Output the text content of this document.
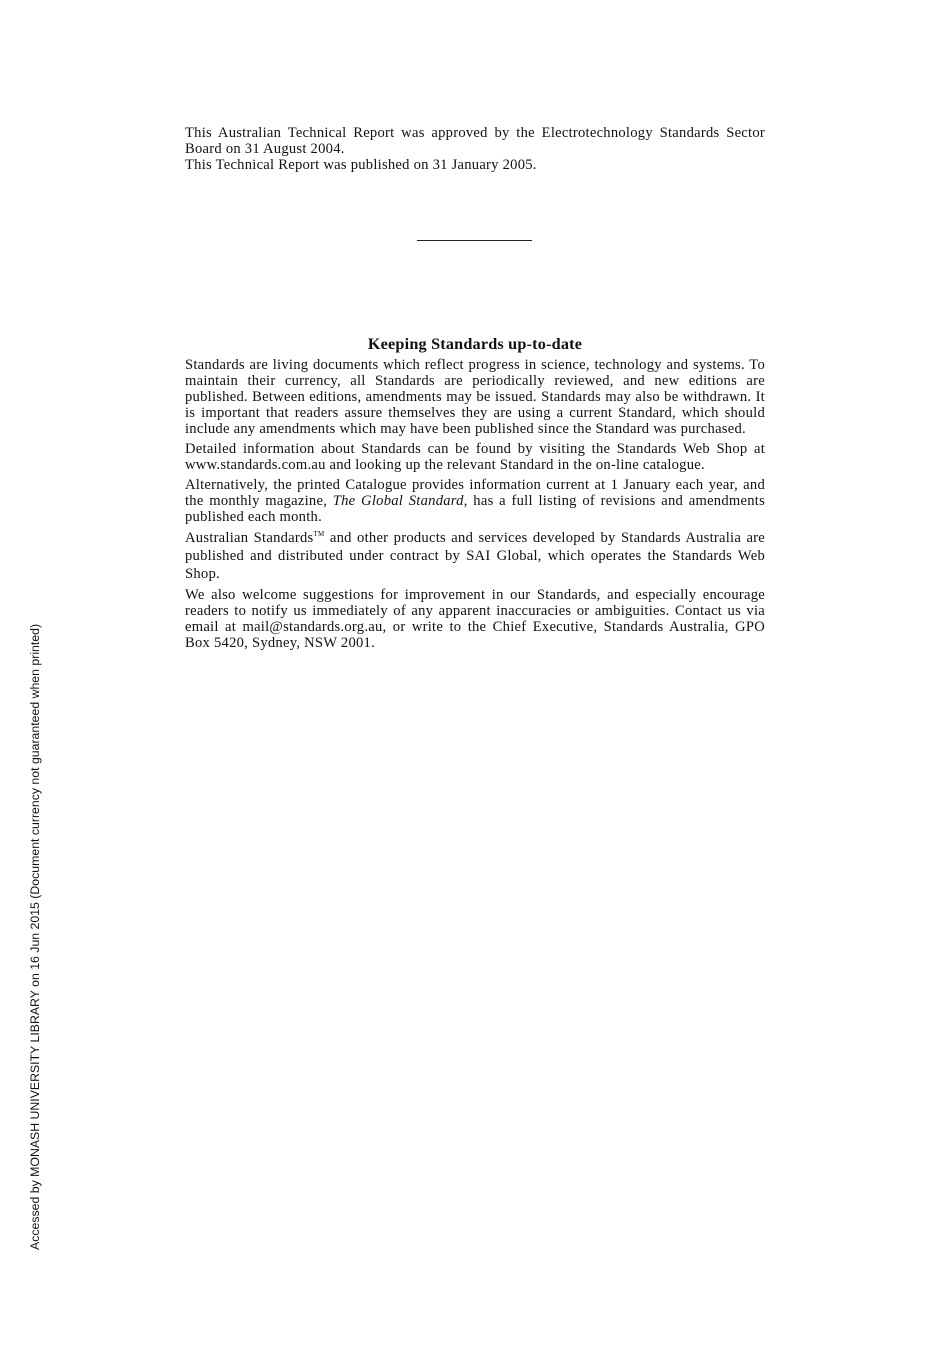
This Australian Technical Report was approved by the Electrotechnology Standards Sector Board on 31 August 2004.

This Technical Report was published on 31 January 2005.

Keeping Standards up-to-date

Standards are living documents which reflect progress in science, technology and systems. To maintain their currency, all Standards are periodically reviewed, and new editions are published. Between editions, amendments may be issued. Standards may also be withdrawn. It is important that readers assure themselves they are using a current Standard, which should include any amendments which may have been published since the Standard was purchased.

Detailed information about Standards can be found by visiting the Standards Web Shop at www.standards.com.au and looking up the relevant Standard in the on-line catalogue.

Alternatively, the printed Catalogue provides information current at 1 January each year, and the monthly magazine, The Global Standard, has a full listing of revisions and amendments published each month.

Australian Standards™ and other products and services developed by Standards Australia are published and distributed under contract by SAI Global, which operates the Standards Web Shop.

We also welcome suggestions for improvement in our Standards, and especially encourage readers to notify us immediately of any apparent inaccuracies or ambiguities. Contact us via email at mail@standards.org.au, or write to the Chief Executive, Standards Australia, GPO Box 5420, Sydney, NSW 2001.

Accessed by MONASH UNIVERSITY LIBRARY on 16 Jun 2015 (Document currency not guaranteed when printed)
